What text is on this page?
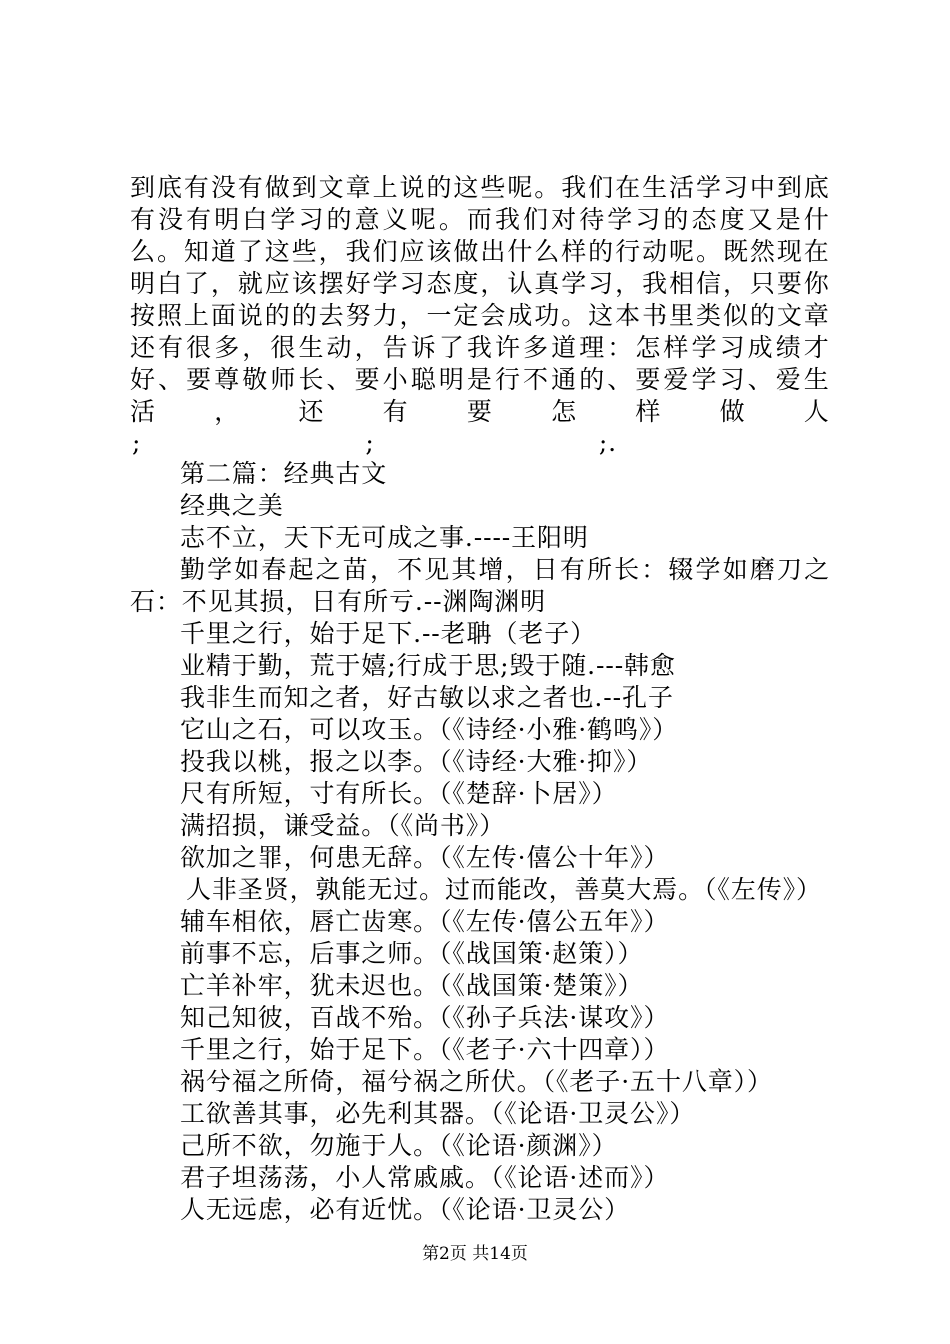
到底有没有做到文章上说的这些呢。我们在生活学习中到底有没有明白学习的意义呢。而我们对待学习的态度又是什么。知道了这些，我们应该做出什么样的行动呢。既然现在明白了，就应该摆好学习态度，认真学习，我相信，只要你按照上面说的的去努力，一定会成功。这本书里类似的文章还有很多，很生动，告诉了我许多道理：怎样学习成绩才好、要尊敬师长、要小聪明是行不通的、要爱学习、爱生活，还有要怎样做人

;	;	;.

第二篇：经典古文

经典之美

志不立，天下无可成之事.----王阳明

勤学如春起之苗，不见其增，日有所长：辍学如磨刀之石：不见其损，日有所亏.--渊陶渊明

千里之行，始于足下.--老聃（老子）

业精于勤，荒于嬉;行成于思;毁于随.---韩愈

我非生而知之者，好古敏以求之者也.--孔子

它山之石，可以攻玉。（《诗经·小雅·鹤鸣》）

投我以桃，报之以李。（《诗经·大雅·抑》）

尺有所短，寸有所长。（《楚辞·卜居》）

满招损，谦受益。（《尚书》）

欲加之罪，何患无辞。（《左传·僖公十年》）

人非圣贤，孰能无过。过而能改，善莫大焉。（《左传》）

辅车相依，唇亡齿寒。（《左传·僖公五年》）

前事不忘，后事之师。（《战国策·赵策））

亡羊补牢，犹未迟也。（《战国策·楚策》）

知己知彼，百战不殆。（《孙子兵法·谋攻》）

千里之行，始于足下。（《老子·六十四章））

祸兮福之所倚，福兮祸之所伏。（《老子·五十八章））

工欲善其事，必先利其器。（《论语·卫灵公》）

己所不欲，勿施于人。（《论语·颜渊》）

君子坦荡荡，小人常戚戚。（《论语·述而》）

人无远虑，必有近忧。（《论语·卫灵公）

第2页 共14页
